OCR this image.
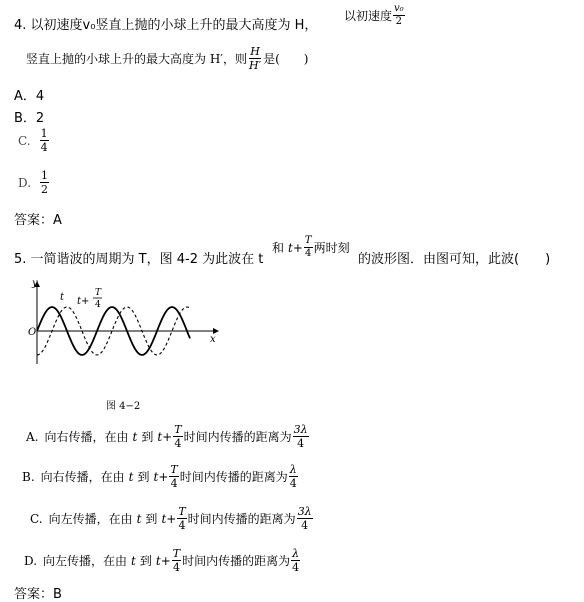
4. 以初速度v₀竖直上抛的小球上升的最大高度为 H，
以初速度 $\frac{\text{v₀}}{2}$
竖直上抛的小球上升的最大高度为 H′，则 $\frac{H}{H'}$ 是(　　)
A．4
B．2
C. $\frac{1}{4}$
D. $\frac{1}{2}$
答案：A
5. 一简谐波的周期为 T，图 4-2 为此波在 t
和 $t+ \frac{T}{4}$ 两时刻
的波形图．由图可知，此波(　　)
y
x
O
t t+
T
4
图 4−2
A. 向右传播，在由 t 到 $t+ \frac{T}{4}$ 时间内传播的距离为 $\frac{3\lambda}{4}$
B. 向右传播，在由 t 到 $t+ \frac{T}{4}$ 时间内传播的距离为 $\frac{\lambda}{4}$
C. 向左传播，在由 t 到 $t+ \frac{T}{4}$ 时间内传播的距离为 $\frac{3\lambda}{4}$
D. 向左传播，在由 t 到 $t+ \frac{T}{4}$ 时间内传播的距离为 $\frac{\lambda}{4}$
答案：B
